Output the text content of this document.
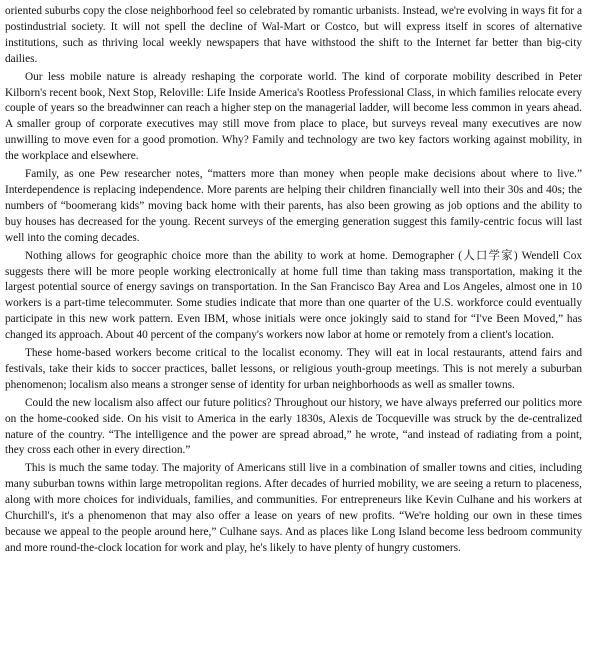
oriented suburbs copy the close neighborhood feel so celebrated by romantic urbanists. Instead, we're evolving in ways fit for a postindustrial society. It will not spell the decline of Wal-Mart or Costco, but will express itself in scores of alternative institutions, such as thriving local weekly newspapers that have withstood the shift to the Internet far better than big-city dailies.

Our less mobile nature is already reshaping the corporate world. The kind of corporate mobility described in Peter Kilborn's recent book, Next Stop, Reloville: Life Inside America's Rootless Professional Class, in which families relocate every couple of years so the breadwinner can reach a higher step on the managerial ladder, will become less common in years ahead. A smaller group of corporate executives may still move from place to place, but surveys reveal many executives are now unwilling to move even for a good promotion. Why? Family and technology are two key factors working against mobility, in the workplace and elsewhere.

Family, as one Pew researcher notes, “matters more than money when people make decisions about where to live.” Interdependence is replacing independence. More parents are helping their children financially well into their 30s and 40s; the numbers of “boomerang kids” moving back home with their parents, has also been growing as job options and the ability to buy houses has decreased for the young. Recent surveys of the emerging generation suggest this family-centric focus will last well into the coming decades.

Nothing allows for geographic choice more than the ability to work at home. Demographer (人口学家) Wendell Cox suggests there will be more people working electronically at home full time than taking mass transportation, making it the largest potential source of energy savings on transportation. In the San Francisco Bay Area and Los Angeles, almost one in 10 workers is a part-time telecommuter. Some studies indicate that more than one quarter of the U.S. workforce could eventually participate in this new work pattern. Even IBM, whose initials were once jokingly said to stand for “I've Been Moved,” has changed its approach. About 40 percent of the company's workers now labor at home or remotely from a client's location.

These home-based workers become critical to the localist economy. They will eat in local restaurants, attend fairs and festivals, take their kids to soccer practices, ballet lessons, or religious youth-group meetings. This is not merely a suburban phenomenon; localism also means a stronger sense of identity for urban neighborhoods as well as smaller towns.

Could the new localism also affect our future politics? Throughout our history, we have always preferred our politics more on the home-cooked side. On his visit to America in the early 1830s, Alexis de Tocqueville was struck by the de-centralized nature of the country. “The intelligence and the power are spread abroad,” he wrote, “and instead of radiating from a point, they cross each other in every direction.”

This is much the same today. The majority of Americans still live in a combination of smaller towns and cities, including many suburban towns within large metropolitan regions. After decades of hurried mobility, we are seeing a return to placeness, along with more choices for individuals, families, and communities. For entrepreneurs like Kevin Culhane and his workers at Churchill's, it's a phenomenon that may also offer a lease on years of new profits. “We're holding our own in these times because we appeal to the people around here,” Culhane says. And as places like Long Island become less bedroom community and more round-the-clock location for work and play, he's likely to have plenty of hungry customers.
